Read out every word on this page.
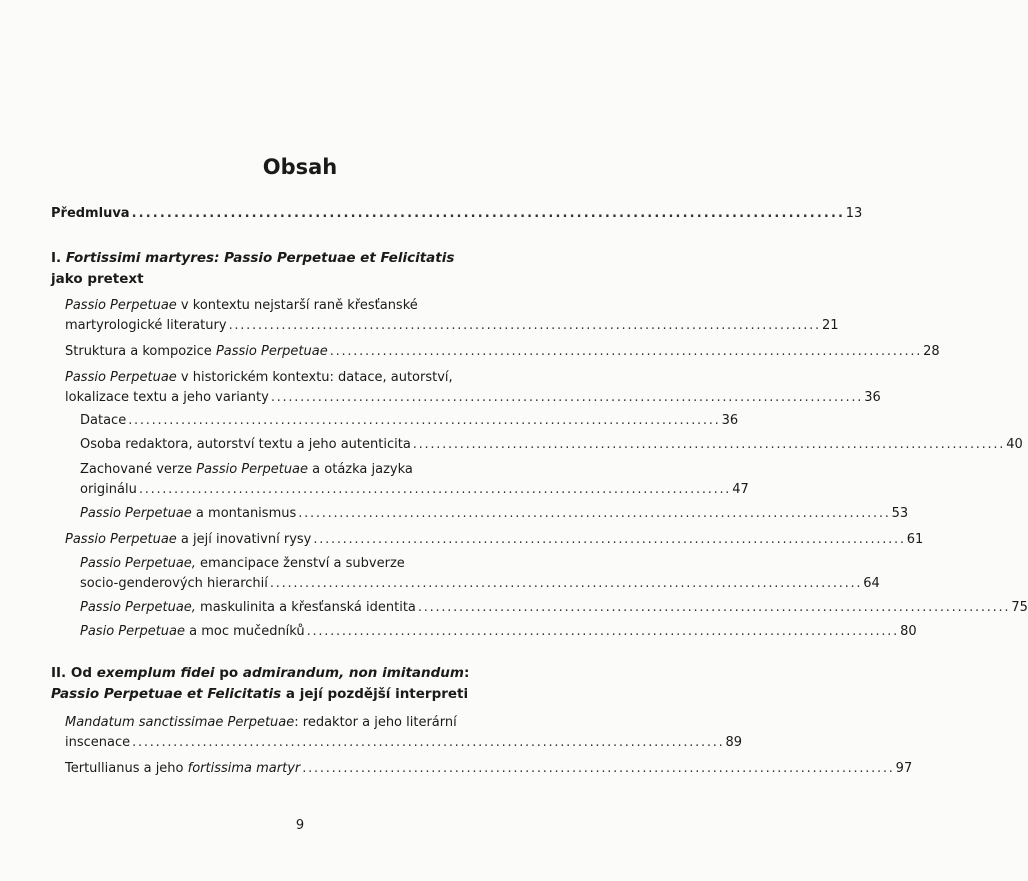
Obsah
Předmluva . . .	13
I. Fortissimi martyres: Passio Perpetuae et Felicitatis
jako pretext
Passio Perpetuae v kontextu nejstarší raně křesťanské
martyrologické literatury . . .	21
Struktura a kompozice Passio Perpetuae . . .	28
Passio Perpetuae v historickém kontextu: datace, autorství,
lokalizace textu a jeho varianty . . .	36
Datace . . .	36
Osoba redaktora, autorství textu a jeho autenticita . . .	40
Zachované verze Passio Perpetuae a otázka jazyka
originálu . . .	47
Passio Perpetuae a montanismus . . .	53
Passio Perpetuae a její inovativní rysy . . .	61
Passio Perpetuae, emancipace ženství a subverze
socio-genderových hierarchií . . .	64
Passio Perpetuae, maskulinita a křesťanská identita . . .	75
Pasio Perpetuae a moc mučedníků . . .	80
II. Od exemplum fidei po admirandum, non imitandum:
Passio Perpetuae et Felicitatis a její pozdější interpreti
Mandatum sanctissimae Perpetuae: redaktor a jeho literární
inscenace . . .	89
Tertullianus a jeho fortissima martyr . . .	97
9
